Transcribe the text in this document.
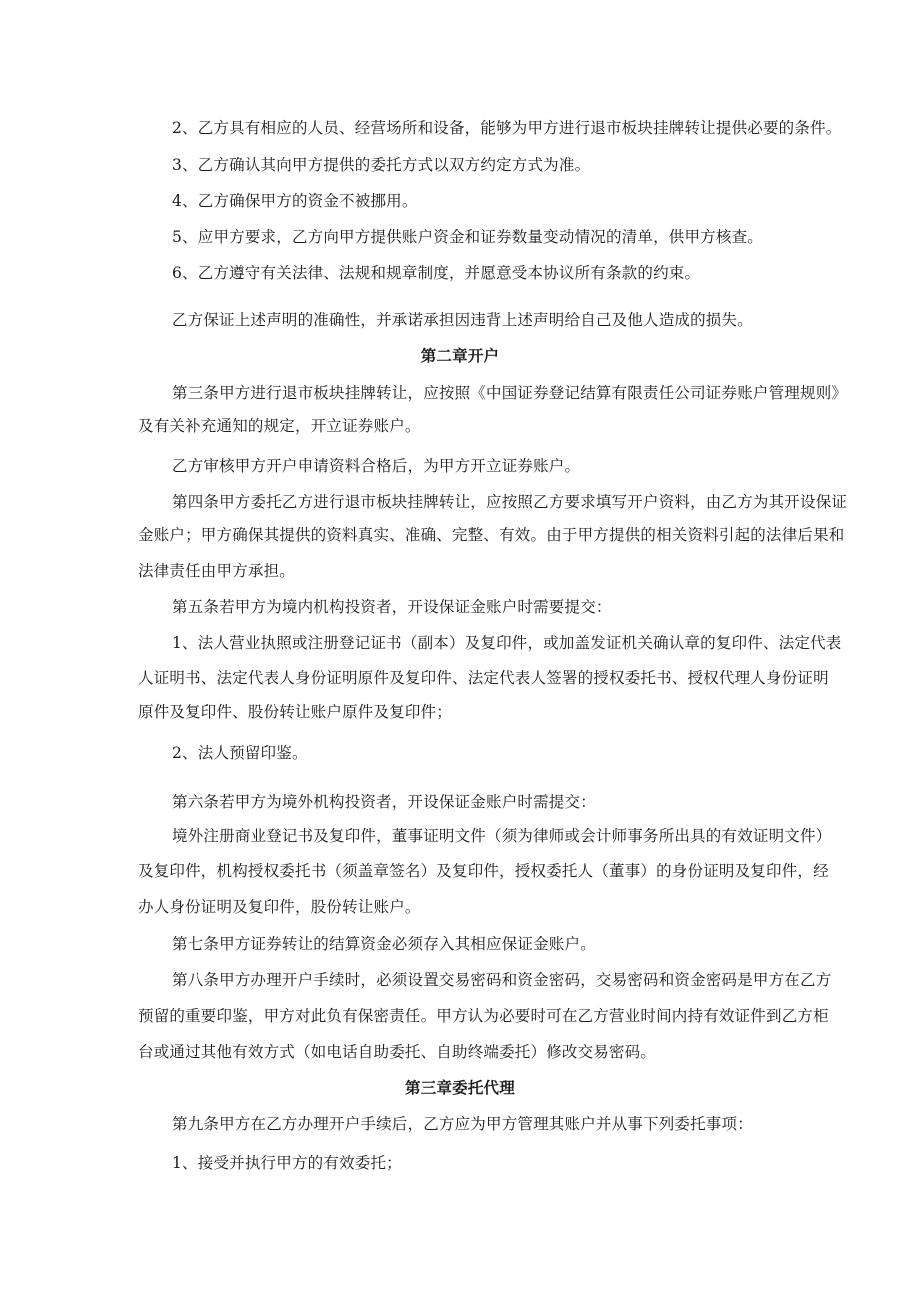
2、乙方具有相应的人员、经营场所和设备，能够为甲方进行退市板块挂牌转让提供必要的条件。
3、乙方确认其向甲方提供的委托方式以双方约定方式为准。
4、乙方确保甲方的资金不被挪用。
5、应甲方要求，乙方向甲方提供账户资金和证券数量变动情况的清单，供甲方核查。
6、乙方遵守有关法律、法规和规章制度，并愿意受本协议所有条款的约束。
乙方保证上述声明的准确性，并承诺承担因违背上述声明给自己及他人造成的损失。
第二章开户
第三条甲方进行退市板块挂牌转让，应按照《中国证券登记结算有限责任公司证券账户管理规则》
及有关补充通知的规定，开立证券账户。
乙方审核甲方开户申请资料合格后，为甲方开立证券账户。
第四条甲方委托乙方进行退市板块挂牌转让，应按照乙方要求填写开户资料，由乙方为其开设保证
金账户；甲方确保其提供的资料真实、准确、完整、有效。由于甲方提供的相关资料引起的法律后果和
法律责任由甲方承担。
第五条若甲方为境内机构投资者，开设保证金账户时需要提交：
1、法人营业执照或注册登记证书（副本）及复印件，或加盖发证机关确认章的复印件、法定代表
人证明书、法定代表人身份证明原件及复印件、法定代表人签署的授权委托书、授权代理人身份证明
原件及复印件、股份转让账户原件及复印件；
2、法人预留印鉴。
第六条若甲方为境外机构投资者，开设保证金账户时需提交：
境外注册商业登记书及复印件，董事证明文件（须为律师或会计师事务所出具的有效证明文件）
及复印件，机构授权委托书（须盖章签名）及复印件，授权委托人（董事）的身份证明及复印件，经
办人身份证明及复印件，股份转让账户。
第七条甲方证券转让的结算资金必须存入其相应保证金账户。
第八条甲方办理开户手续时，必须设置交易密码和资金密码，交易密码和资金密码是甲方在乙方
预留的重要印鉴，甲方对此负有保密责任。甲方认为必要时可在乙方营业时间内持有效证件到乙方柜
台或通过其他有效方式（如电话自助委托、自助终端委托）修改交易密码。
第三章委托代理
第九条甲方在乙方办理开户手续后，乙方应为甲方管理其账户并从事下列委托事项：
1、接受并执行甲方的有效委托；
